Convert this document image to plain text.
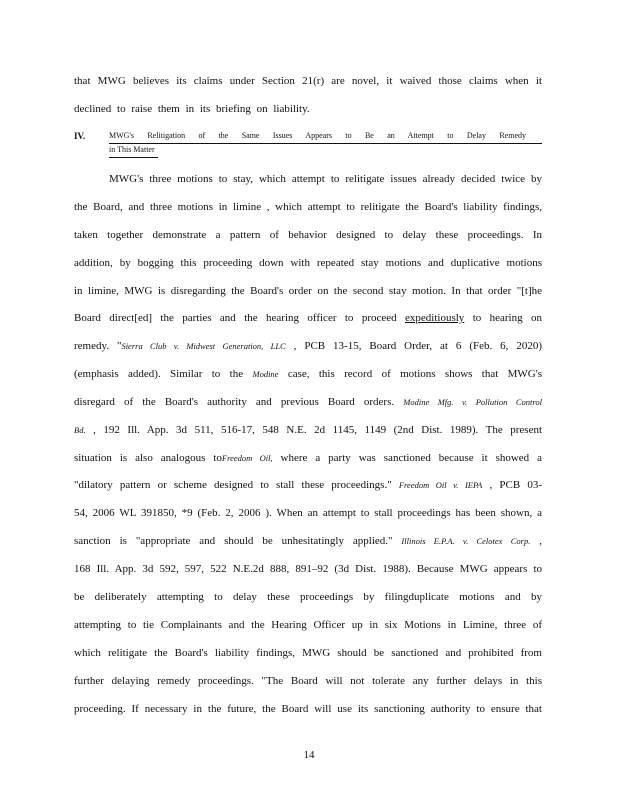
that MWG believes its claims under Section 21(r) are novel, it waived those claims when it
declined to raise them in its briefing on liability.
IV.	MWG's Relitigation of the Same Issues Appears to Be an Attempt to Delay Remedy
in This Matter
MWG's three motions to stay, which attempt to relitigate issues already decided twice by
the Board, and three motions in limine , which attempt to relitigate the Board's liability findings,
taken together demonstrate a pattern of behavior designed to delay these proceedings. In
addition, by bogging this proceeding down with repeated stay motions and duplicative motions
in limine, MWG is disregarding the Board's order on the second stay motion. In that order "[t]he
Board direct[ed] the parties and the hearing officer to proceed expeditiously to hearing on
remedy. "Sierra Club v. Midwest Generation, LLC , PCB 13-15, Board Order, at 6 (Feb. 6, 2020)
(emphasis added). Similar to the Modine case, this record of motions shows that MWG's
disregard of the Board's authority and previous Board orders. Modine Mfg. v. Pollution Control
Bd. , 192 Ill. App. 3d 511, 516-17, 548 N.E. 2d 1145, 1149 (2nd Dist. 1989). The present
situation is also analogous toFreedom Oil, where a party was sanctioned because it showed a
"dilatory pattern or scheme designed to stall these proceedings." Freedom Oil v. IEPA , PCB 03-
54, 2006 WL 391850, *9 (Feb. 2, 2006 ). When an attempt to stall proceedings has been shown, a
sanction is "appropriate and should be unhesitatingly applied." Illinois E.P.A. v. Celotex Corp. ,
168 Ill. App. 3d 592, 597, 522 N.E.2d 888, 891–92 (3d Dist. 1988). Because MWG appears to
be deliberately attempting to delay these proceedings by filingduplicate motions and by
attempting to tie Complainants and the Hearing Officer up in six Motions in Limine, three of
which relitigate the Board's liability findings, MWG should be sanctioned and prohibited from
further delaying remedy proceedings. "The Board will not tolerate any further delays in this
proceeding. If necessary in the future, the Board will use its sanctioning authority to ensure that
14
